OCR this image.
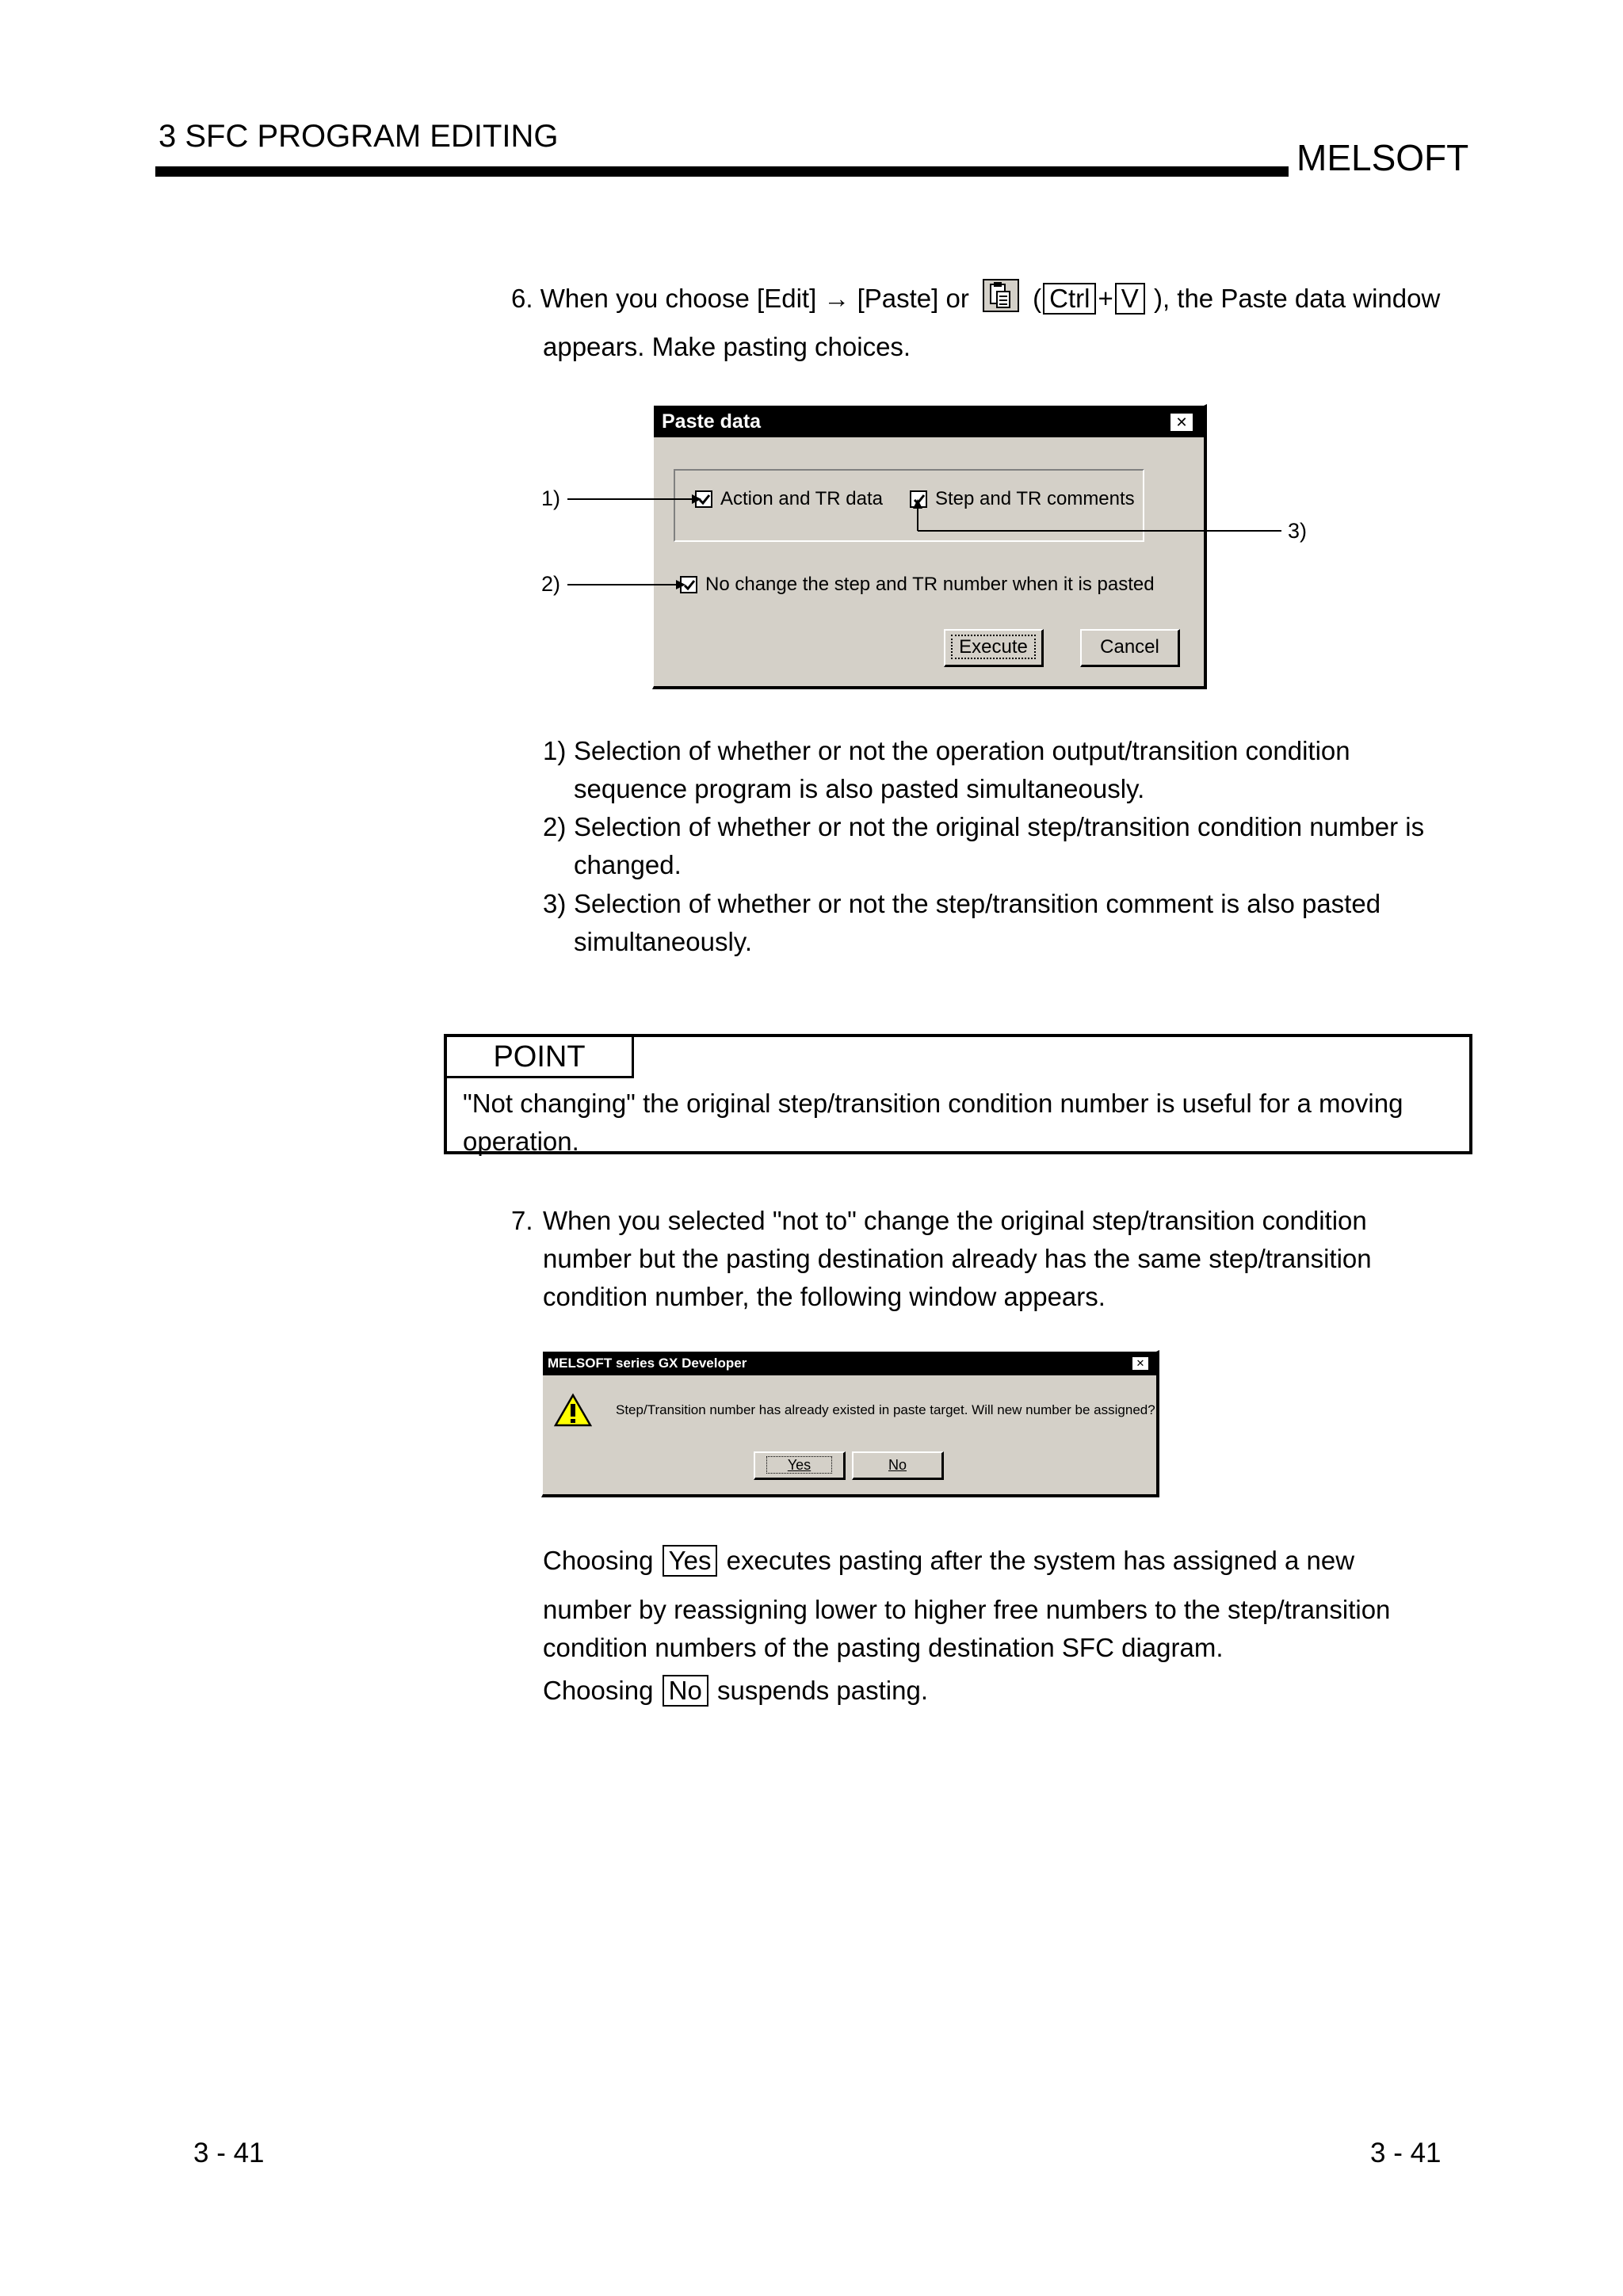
3 SFC PROGRAM EDITING
MELSOFT
6. When you choose [Edit] → [Paste] or ( Ctrl + V ), the Paste data window
appears. Make pasting choices.
Paste data	✕
Action and TR data	Step and TR comments
No change the step and TR number when it is pasted
Execute	Cancel
1)
2)
3)
1) Selection of whether or not the operation output/transition condition
sequence program is also pasted simultaneously.
2) Selection of whether or not the original step/transition condition number is
changed.
3) Selection of whether or not the step/transition comment is also pasted
simultaneously.
POINT
"Not changing" the original step/transition condition number is useful for a moving
operation.
7. When you selected "not to" change the original step/transition condition
number but the pasting destination already has the same step/transition
condition number, the following window appears.
MELSOFT series GX Developer	✕
Step/Transition number has already existed in paste target. Will new number be assigned?
Yes	No
Choosing Yes executes pasting after the system has assigned a new
number by reassigning lower to higher free numbers to the step/transition
condition numbers of the pasting destination SFC diagram.
Choosing No suspends pasting.
3 - 41	3 - 41
